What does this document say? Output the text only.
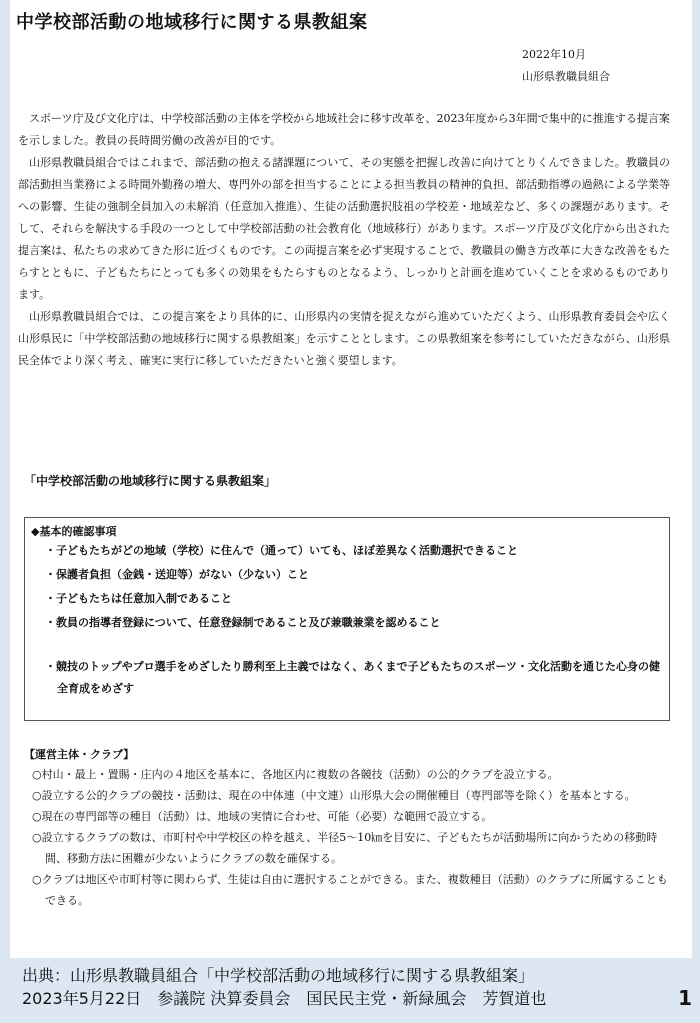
中学校部活動の地域移行に関する県教組案
2022年10月
山形県教職員組合

スポーツ庁及び文化庁は、中学校部活動の主体を学校から地域社会に移す改革を、2023年度から3年間で集中的に推進する提言案を示しました。教員の長時間労働の改善が目的です。

山形県教職員組合ではこれまで、部活動の抱える諸課題について、その実態を把握し改善に向けてとりくんできました。教職員の部活動担当業務による時間外勤務の増大、専門外の部を担当することによる担当教員の精神的負担、部活動指導の過熱による学業等への影響、生徒の強制全員加入の未解消（任意加入推進）、生徒の活動選択肢祖の学校差・地域差など、多くの課題があります。そして、それらを解決する手段の一つとして中学校部活動の社会教育化（地域移行）があります。スポーツ庁及び文化庁から出された提言案は、私たちの求めてきた形に近づくものです。この両提言案を必ず実現することで、教職員の働き方改革に大きな改善をもたらすとともに、子どもたちにとっても多くの効果をもたらすものとなるよう、しっかりと計画を進めていくことを求めるものであります。

山形県教職員組合では、この提言案をより具体的に、山形県内の実情を捉えながら進めていただくよう、山形県教育委員会や広く山形県民に「中学校部活動の地域移行に関する県教組案」を示すこととします。この県教組案を参考にしていただきながら、山形県民全体でより深く考え、確実に実行に移していただきたいと強く要望します。

「中学校部活動の地域移行に関する県教組案」
◆基本的確認事項
・子どもたちがどの地域（学校）に住んで（通って）いても、ほぼ差異なく活動選択できること
・保護者負担（金銭・送迎等）がない（少ない）こと
・子どもたちは任意加入制であること
・教員の指導者登録について、任意登録制であること及び兼職兼業を認めること
・競技のトップやプロ選手をめざしたり勝利至上主義ではなく、あくまで子どもたちのスポーツ・文化活動を通じた心身の健全育成をめざす
【運営主体・クラブ】
○村山・最上・置賜・庄内の４地区を基本に、各地区内に複数の各競技（活動）の公的クラブを設立する。
○設立する公的クラブの競技・活動は、現在の中体連（中文連）山形県大会の開催種目（専門部等を除く）を基本とする。
○現在の専門部等の種目（活動）は、地域の実情に合わせ、可能（必要）な範囲で設立する。
○設立するクラブの数は、市町村や中学校区の枠を越え、半径5〜10㎞を目安に、子どもたちが活動場所に向かうための移動時間、移動方法に困難が少ないようにクラブの数を確保する。
○クラブは地区や市町村等に関わらず、生徒は自由に選択することができる。また、複数種目（活動）のクラブに所属することもできる。
出典：山形県教職員組合「中学校部活動の地域移行に関する県教組案」
2023年5月22日　参議院 決算委員会　国民民主党・新緑風会　芳賀道也	1
